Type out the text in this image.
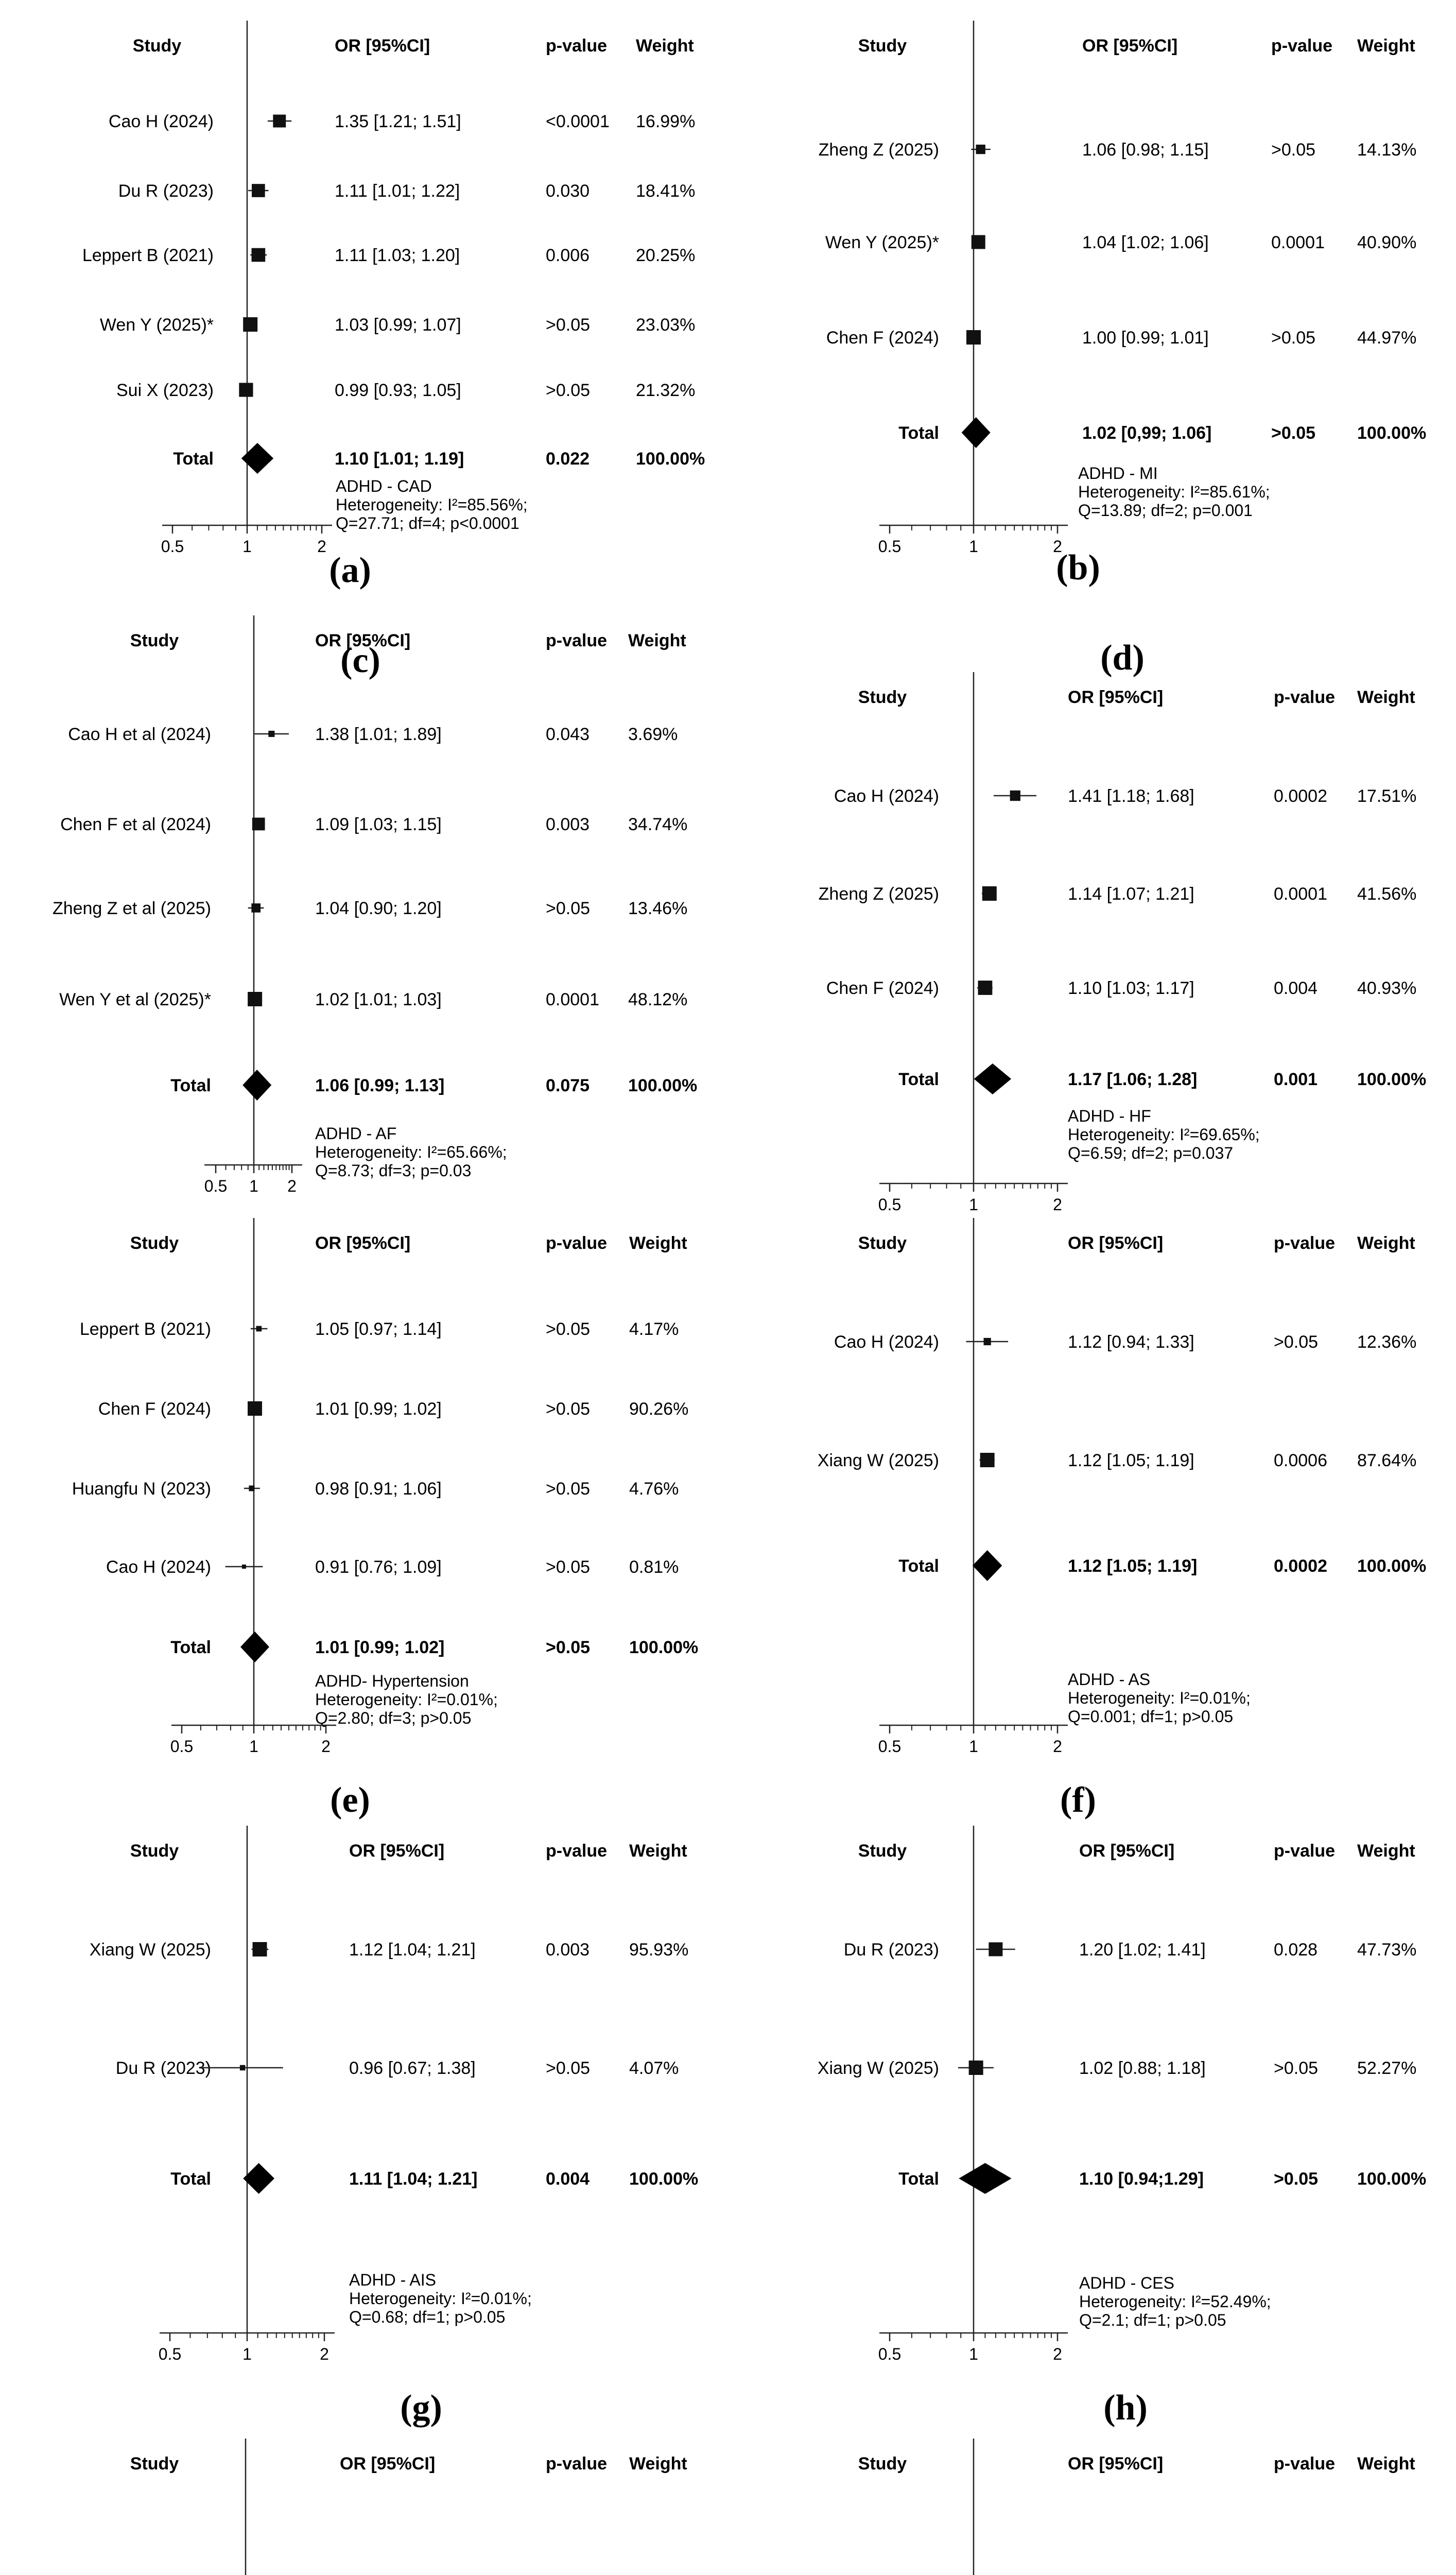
Study	OR [95%CI]	p-value Weight
Cao H (2024)	1.35 [1.21; 1.51]	<0.0001 16.99%
Du R (2023)	1.11 [1.01; 1.22]	0.030	18.41%
Leppert B (2021)	1.11 [1.03; 1.20]	0.006	20.25%
Wen Y (2025)*	1.03 [0.99; 1.07]	>0.05	23.03%
Sui X (2023)	0.99 [0.93; 1.05]	>0.05	21.32%
Total	1.10 [1.01; 1.19]	0.022	100.00%
ADHD - CAD
Heterogeneity: I²=85.56%;
Q=27.71; df=4; p<0.0001
0.5	1	2
(a)
Study	OR [95%CI]	p-value Weight
Zheng Z (2025)	1.06 [0.98; 1.15]	>0.05 14.13%
Wen Y (2025)*	1.04 [1.02; 1.06]	0.0001 40.90%
Chen F (2024)	1.00 [0.99; 1.01]	>0.05 44.97%
Total	1.02 [0,99; 1.06]	>0.05 100.00%
ADHD - MI
Heterogeneity: I²=85.61%;
Q=13.89; df=2; p=0.001
0.5	1	2
(b)
Study	OR [95%CI]	p-value Weight
Cao H et al (2024)	1.38 [1.01; 1.89]	0.043 3.69%
Chen F et al (2024)	1.09 [1.03; 1.15]	0.003 34.74%
Zheng Z et al (2025)	1.04 [0.90; 1.20]	>0.05 13.46%
Wen Y et al (2025)*	1.02 [1.01; 1.03]	0.0001 48.12%
Total	1.06 [0.99; 1.13]	0.075 100.00%
ADHD - AF
Heterogeneity: I²=65.66%;
Q=8.73; df=3; p=0.03
0.5 1 2
(c)
Study	OR [95%CI]	p-value Weight
Cao H (2024)	1.41 [1.18; 1.68]	0.0002 17.51%
Zheng Z (2025)	1.14 [1.07; 1.21]	0.0001 41.56%
Chen F (2024)	1.10 [1.03; 1.17]	0.004 40.93%
Total	1.17 [1.06; 1.28]	0.001 100.00%
ADHD - HF
Heterogeneity: I²=69.65%;
Q=6.59; df=2; p=0.037
0.5	1	2
(d)
Study	OR [95%CI]	p-value Weight
Leppert B (2021)	1.05 [0.97; 1.14]	>0.05 4.17%
Chen F (2024)	1.01 [0.99; 1.02]	>0.05 90.26%
Huangfu N (2023)	0.98 [0.91; 1.06]	>0.05 4.76%
Cao H (2024)	0.91 [0.76; 1.09]	>0.05 0.81%
Total	1.01 [0.99; 1.02]	>0.05 100.00%
ADHD- Hypertension
Heterogeneity: I²=0.01%;
Q=2.80; df=3; p>0.05
0.5	1	2
(e)
Study	OR [95%CI]	p-value Weight
Cao H (2024)	1.12 [0.94; 1.33]	>0.05 12.36%
Xiang W (2025)	1.12 [1.05; 1.19]	0.0006 87.64%
Total	1.12 [1.05; 1.19]	0.0002 100.00%
ADHD - AS
Heterogeneity: I²=0.01%;
Q=0.001; df=1; p>0.05
0.5	1	2
(f)
Study	OR [95%CI]	p-value Weight
Xiang W (2025)	1.12 [1.04; 1.21]	0.003 95.93%
Du R (2023)	0.96 [0.67; 1.38]	>0.05 4.07%
Total	1.11 [1.04; 1.21]	0.004 100.00%
ADHD - AIS
Heterogeneity: I²=0.01%;
Q=0.68; df=1; p>0.05
0.5	1	2
(g)
Study	OR [95%CI]	p-value Weight
Du R (2023)	1.20 [1.02; 1.41]	0.028 47.73%
Xiang W (2025)	1.02 [0.88; 1.18]	>0.05 52.27%
Total	1.10 [0.94;1.29]	>0.05 100.00%
ADHD - CES
Heterogeneity: I²=52.49%;
Q=2.1; df=1; p>0.05
0.5	1	2
(h)
Study	OR [95%CI]	p-value Weight	Study	OR [95%CI]	p-value Weight
